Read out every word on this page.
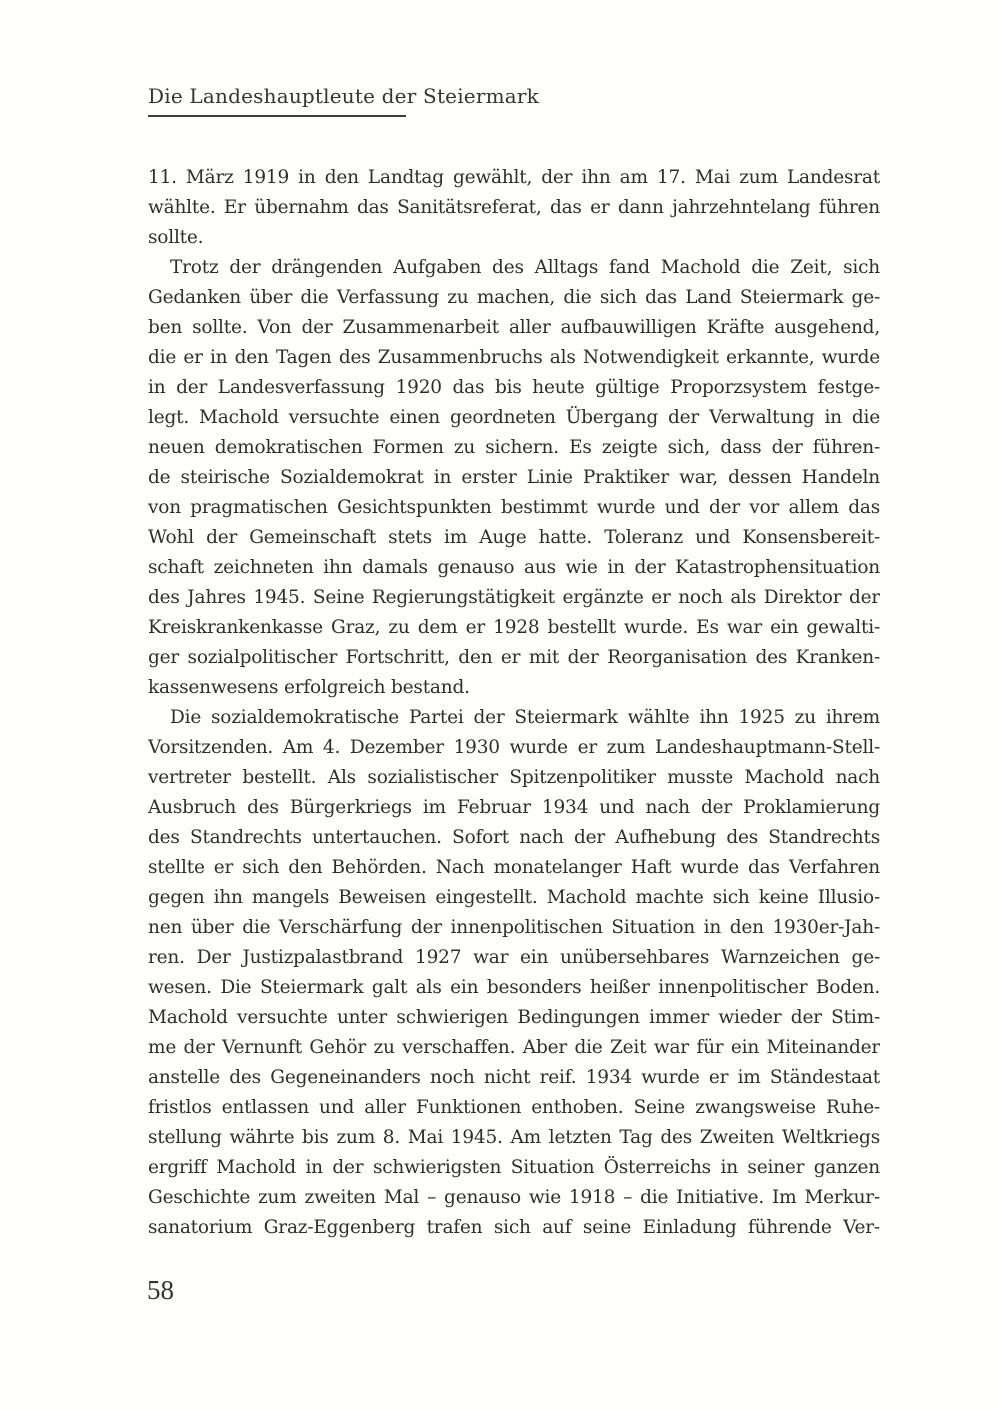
Die Landeshauptleute der Steiermark
11. März 1919 in den Landtag gewählt, der ihn am 17. Mai zum Landesrat
wählte. Er übernahm das Sanitätsreferat, das er dann jahrzehntelang führen
sollte.
Trotz der drängenden Aufgaben des Alltags fand Machold die Zeit, sich
Gedanken über die Verfassung zu machen, die sich das Land Steiermark ge-
ben sollte. Von der Zusammenarbeit aller aufbauwilligen Kräfte ausgehend,
die er in den Tagen des Zusammenbruchs als Notwendigkeit erkannte, wurde
in der Landesverfassung 1920 das bis heute gültige Proporzsystem festge-
legt. Machold versuchte einen geordneten Übergang der Verwaltung in die
neuen demokratischen Formen zu sichern. Es zeigte sich, dass der führen-
de steirische Sozialdemokrat in erster Linie Praktiker war, dessen Handeln
von pragmatischen Gesichtspunkten bestimmt wurde und der vor allem das
Wohl der Gemeinschaft stets im Auge hatte. Toleranz und Konsensbereit-
schaft zeichneten ihn damals genauso aus wie in der Katastrophensituation
des Jahres 1945. Seine Regierungstätigkeit ergänzte er noch als Direktor der
Kreiskrankenkasse Graz, zu dem er 1928 bestellt wurde. Es war ein gewalti-
ger sozialpolitischer Fortschritt, den er mit der Reorganisation des Kranken-
kassenwesens erfolgreich bestand.
Die sozialdemokratische Partei der Steiermark wählte ihn 1925 zu ihrem
Vorsitzenden. Am 4. Dezember 1930 wurde er zum Landeshauptmann-Stell-
vertreter bestellt. Als sozialistischer Spitzenpolitiker musste Machold nach
Ausbruch des Bürgerkriegs im Februar 1934 und nach der Proklamierung
des Standrechts untertauchen. Sofort nach der Aufhebung des Standrechts
stellte er sich den Behörden. Nach monatelanger Haft wurde das Verfahren
gegen ihn mangels Beweisen eingestellt. Machold machte sich keine Illusio-
nen über die Verschärfung der innenpolitischen Situation in den 1930er-Jah-
ren. Der Justizpalastbrand 1927 war ein unübersehbares Warnzeichen ge-
wesen. Die Steiermark galt als ein besonders heißer innenpolitischer Boden.
Machold versuchte unter schwierigen Bedingungen immer wieder der Stim-
me der Vernunft Gehör zu verschaffen. Aber die Zeit war für ein Miteinander
anstelle des Gegeneinanders noch nicht reif. 1934 wurde er im Ständestaat
fristlos entlassen und aller Funktionen enthoben. Seine zwangsweise Ruhe-
stellung währte bis zum 8. Mai 1945. Am letzten Tag des Zweiten Weltkriegs
ergriff Machold in der schwierigsten Situation Österreichs in seiner ganzen
Geschichte zum zweiten Mal – genauso wie 1918 – die Initiative. Im Merkur-
sanatorium Graz-Eggenberg trafen sich auf seine Einladung führende Ver-
58
